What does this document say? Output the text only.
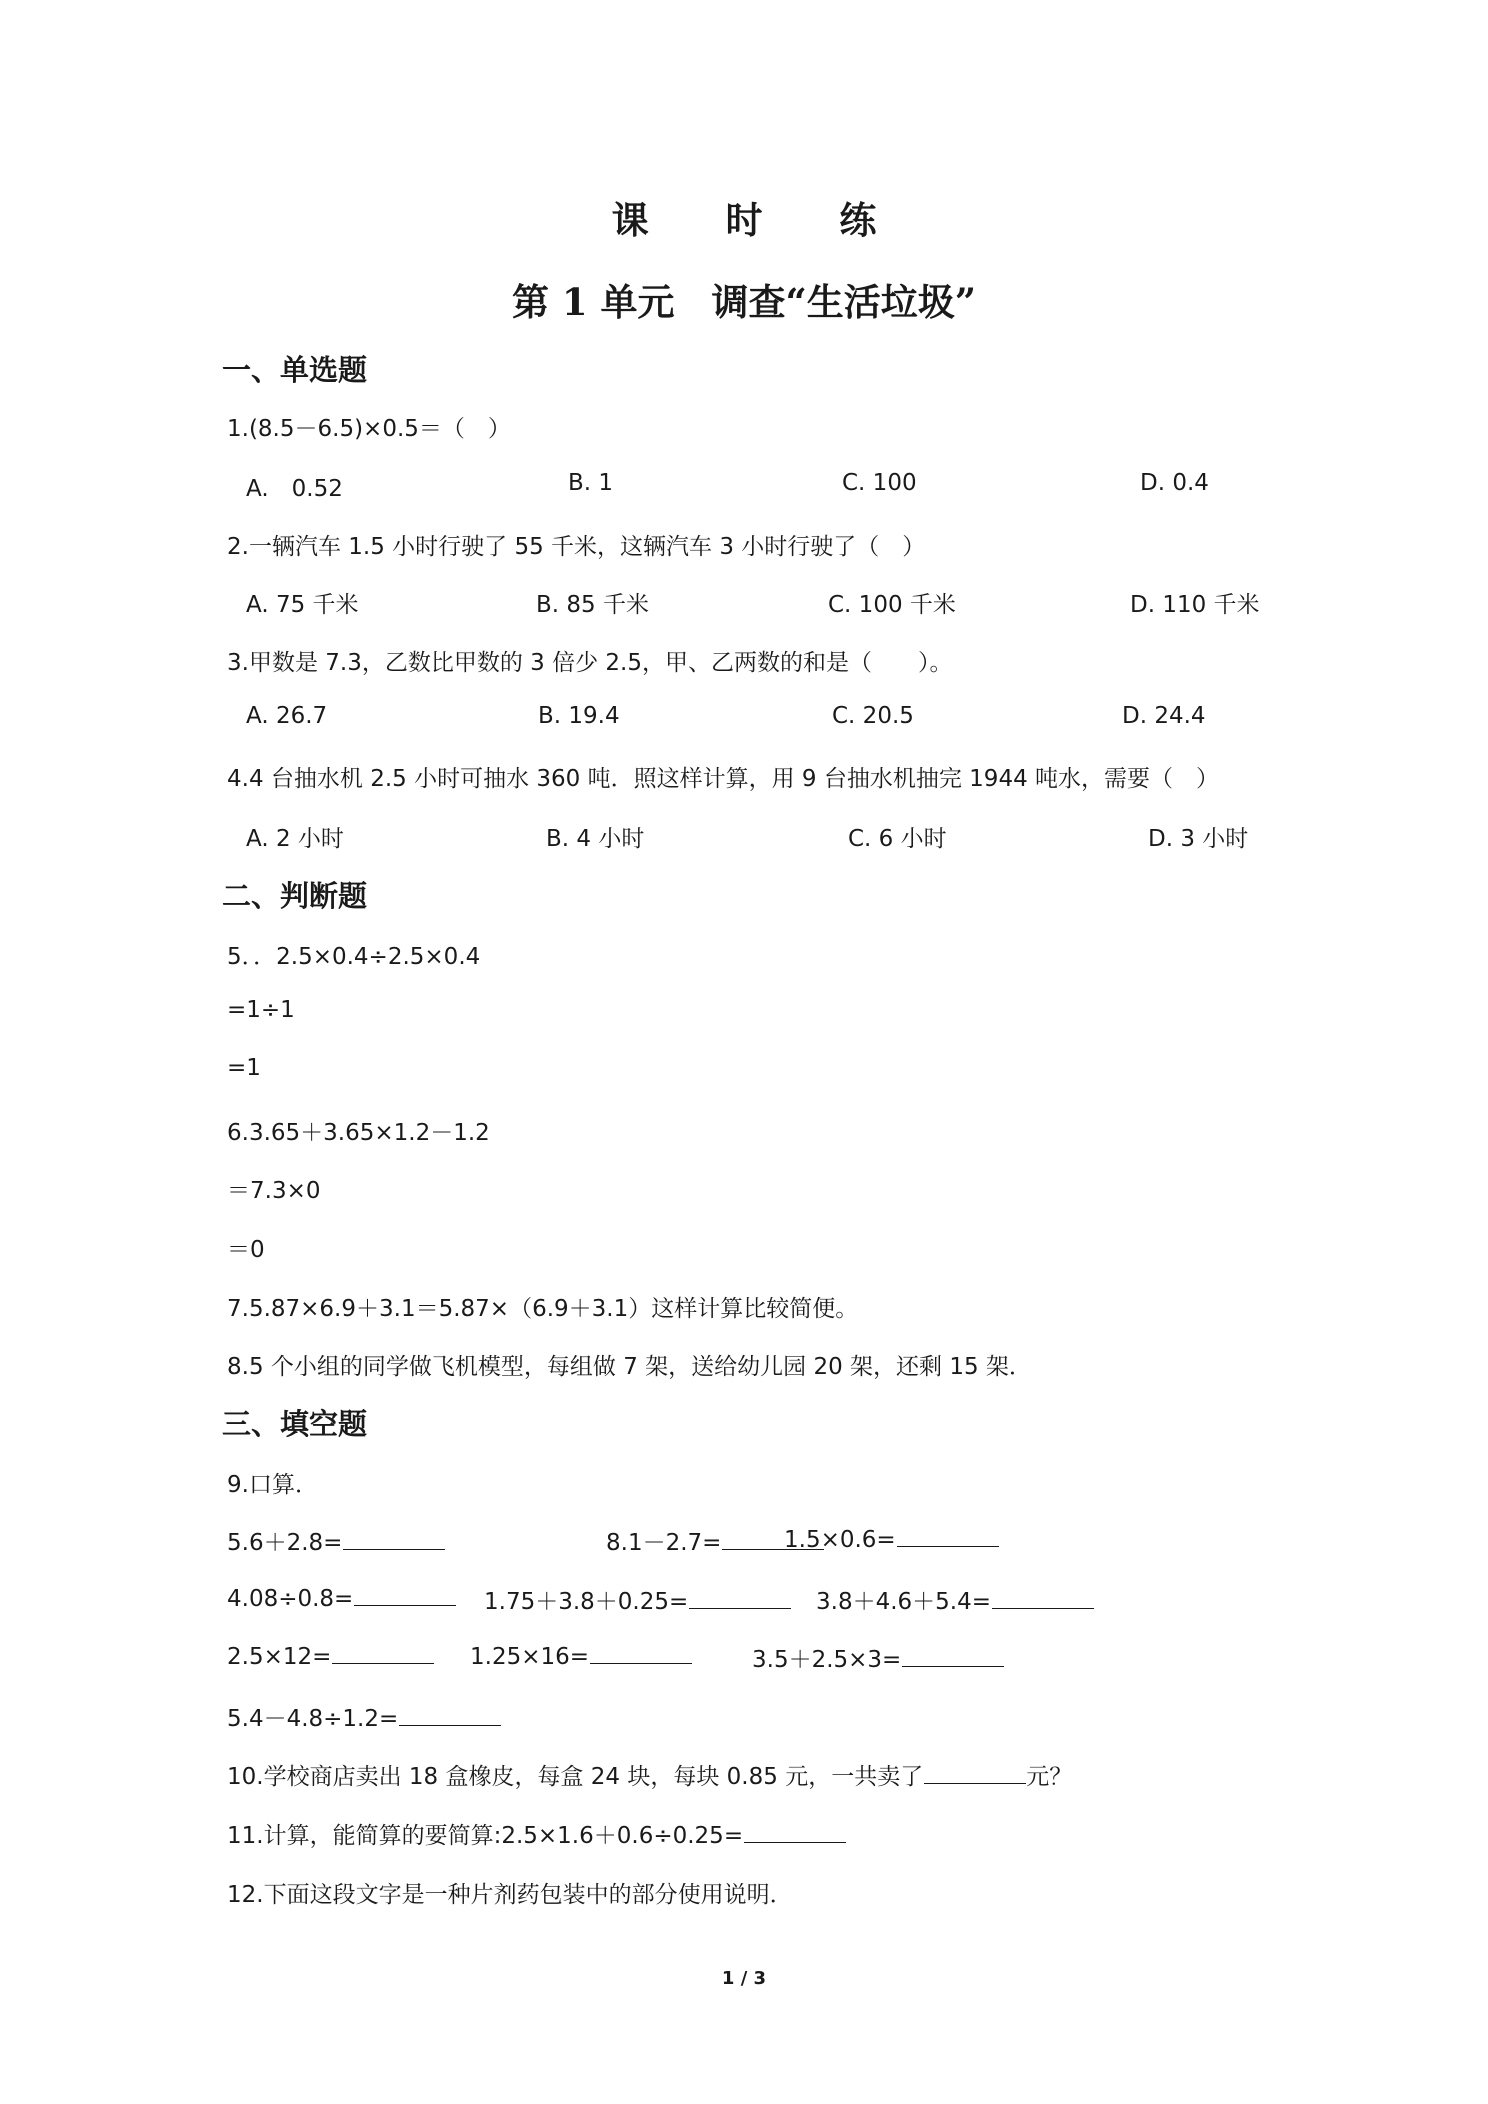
课 时 练
第 1 单元　调查“生活垃圾”
一、单选题
1.(8.5－6.5)×0.5＝（　）
A.　0.52	B. 1	C. 100	D. 0.4
2.一辆汽车 1.5 小时行驶了 55 千米，这辆汽车 3 小时行驶了（　）
A. 75 千米	B. 85 千米	C. 100 千米	D. 110 千米
3.甲数是 7.3，乙数比甲数的 3 倍少 2.5，甲、乙两数的和是（　　）。
A. 26.7	B. 19.4	C. 20.5	D. 24.4
4.4 台抽水机 2.5 小时可抽水 360 吨．照这样计算，用 9 台抽水机抽完 1944 吨水，需要（　）
A. 2 小时	B. 4 小时	C. 6 小时	D. 3 小时
二、判断题
5．．2.5×0.4÷2.5×0.4
=1÷1
=1
6.3.65＋3.65×1.2－1.2
＝7.3×0
＝0
7.5.87×6.9＋3.1＝5.87×（6.9＋3.1）这样计算比较简便。
8.5 个小组的同学做飞机模型，每组做 7 架，送给幼儿园 20 架，还剩 15 架．
三、填空题
9.口算．
5.6＋2.8=	8.1－2.7=	1.5×0.6=
4.08÷0.8=	1.75＋3.8＋0.25=	3.8＋4.6＋5.4=
2.5×12=	1.25×16=	3.5＋2.5×3=
5.4－4.8÷1.2=
10.学校商店卖出 18 盒橡皮，每盒 24 块，每块 0.85 元，一共卖了	元？
11.计算，能简算的要简算:2.5×1.6＋0.6÷0.25=
12.下面这段文字是一种片剂药包装中的部分使用说明．
1 / 3
